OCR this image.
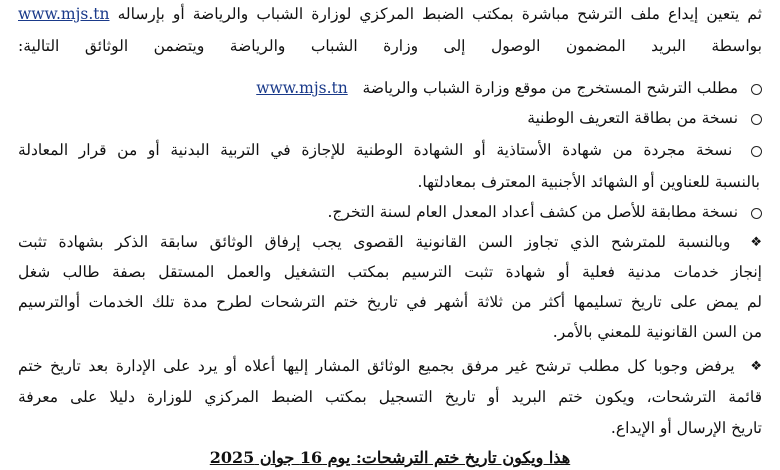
ثم يتعين إيداع ملف الترشح مباشرة بمكتب الضبط المركزي لوزارة الشباب والرياضة أو بإرساله www.mjs.tn
بواسطة البريد المضمون الوصول إلى وزارة الشباب والرياضة ويتضمن الوثائق التالية:
مطلب الترشح المستخرج من موقع وزارة الشباب والرياضة   www.mjs.tn
نسخة من بطاقة التعريف الوطنية
نسخة مجردة من شهادة الأستاذية أو الشهادة الوطنية للإجازة في التربية البدنية أو من قرار المعادلة
بالنسبة للعناوين أو الشهائد الأجنبية المعترف بمعادلتها.
نسخة مطابقة للأصل من كشف أعداد المعدل العام لسنة التخرج.
❖ وبالنسبة للمترشح الذي تجاوز السن القانونية القصوى يجب إرفاق الوثائق سابقة الذكر بشهادة تثبت
إنجاز خدمات مدنية فعلية أو شهادة تثبت الترسيم بمكتب التشغيل والعمل المستقل بصفة طالب شغل
لم يمض على تاريخ تسليمها أكثر من ثلاثة أشهر في تاريخ ختم الترشحات لطرح مدة تلك الخدمات أوالترسيم
من السن القانونية للمعني بالأمر.
❖ يرفض وجوبا كل مطلب ترشح غير مرفق بجميع الوثائق المشار إليها أعلاه أو يرد على الإدارة بعد تاريخ ختم
قائمة الترشحات، ويكون ختم البريد أو تاريخ التسجيل بمكتب الضبط المركزي للوزارة دليلا على معرفة
تاريخ الإرسال أو الإيداع.
هذا ويكون تاريخ ختم الترشحات: يوم 16 جوان 2025
